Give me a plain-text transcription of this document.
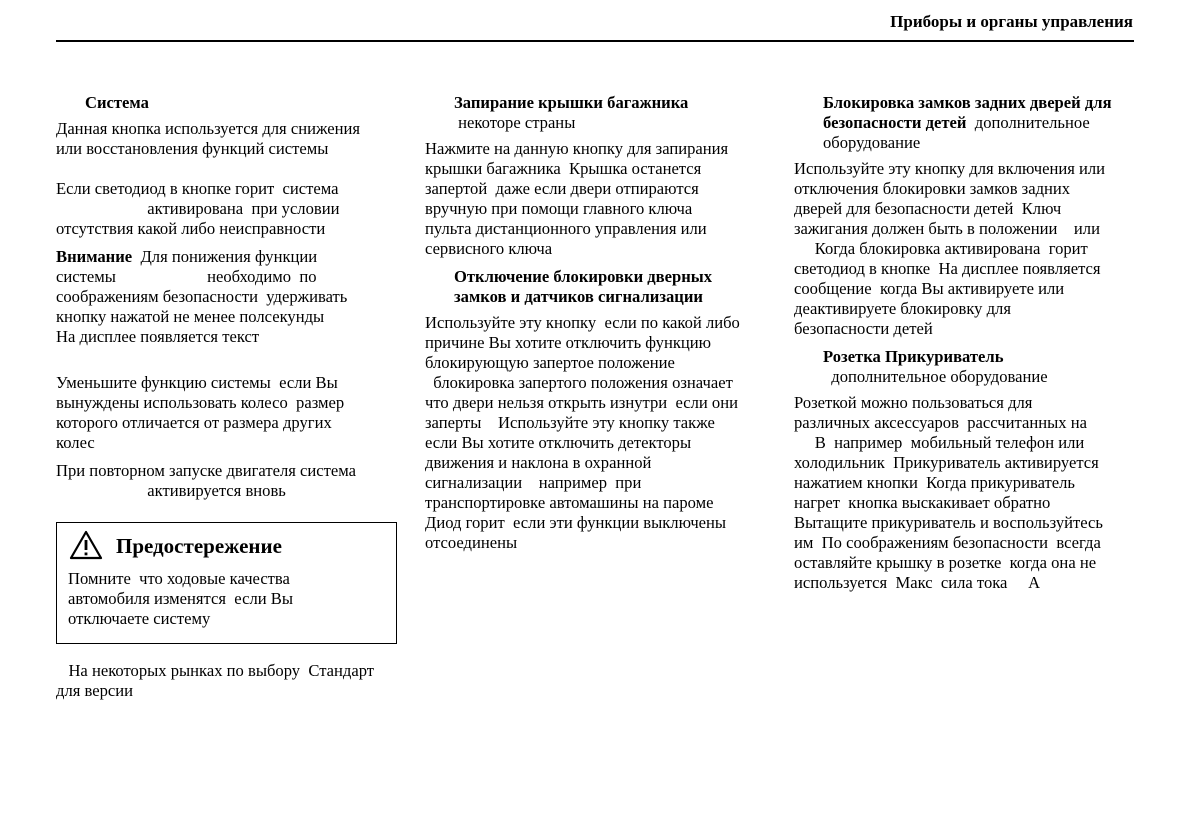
Приборы и органы управления
Система
Данная кнопка используется для снижения
или восстановления функций системы
Если светодиод в кнопке горит  система
активирована  при условии
отсутствия какой либо неисправности
Внимание  Для понижения функции
системы                      необходимо  по
соображениям безопасности  удерживать
кнопку нажатой не менее полсекунды
На дисплее появляется текст
Уменьшите функцию системы  если Вы
вынуждены использовать колесо  размер
которого отличается от размера других
колес
При повторном запуске двигателя система
активируется вновь
Предостережение
Помните  что ходовые качества
автомобиля изменятся  если Вы
отключаете систему
На некоторых рынках по выбору  Стандарт
для версии
Запирание крышки багажника
некоторе страны
Нажмите на данную кнопку для запирания
крышки багажника  Крышка останется
запертой  даже если двери отпираются
вручную при помощи главного ключа
пульта дистанционного управления или
сервисного ключа
Отключение блокировки дверных
замков и датчиков сигнализации
Используйте эту кнопку  если по какой либо
причине Вы хотите отключить функцию
блокирующую запертое положение
блокировка запертого положения означает
что двери нельзя открыть изнутри  если они
заперты    Используйте эту кнопку также
если Вы хотите отключить детекторы
движения и наклона в охранной
сигнализации    например  при
транспортировке автомашины на пароме
Диод горит  если эти функции выключены
отсоединены
Блокировка замков задних дверей для
безопасности детей  дополнительное
оборудование
Используйте эту кнопку для включения или
отключения блокировки замков задних
дверей для безопасности детей  Ключ
зажигания должен быть в положении    или
Когда блокировка активирована  горит
светодиод в кнопке  На дисплее появляется
сообщение  когда Вы активируете или
деактивируете блокировку для
безопасности детей
Розетка Прикуриватель
дополнительное оборудование
Розеткой можно пользоваться для
различных аксессуаров  рассчитанных на
В  например  мобильный телефон или
холодильник  Прикуриватель активируется
нажатием кнопки  Когда прикуриватель
нагрет  кнопка выскакивает обратно
Вытащите прикуриватель и воспользуйтесь
им  По соображениям безопасности  всегда
оставляйте крышку в розетке  когда она не
используется  Макс  сила тока     А
